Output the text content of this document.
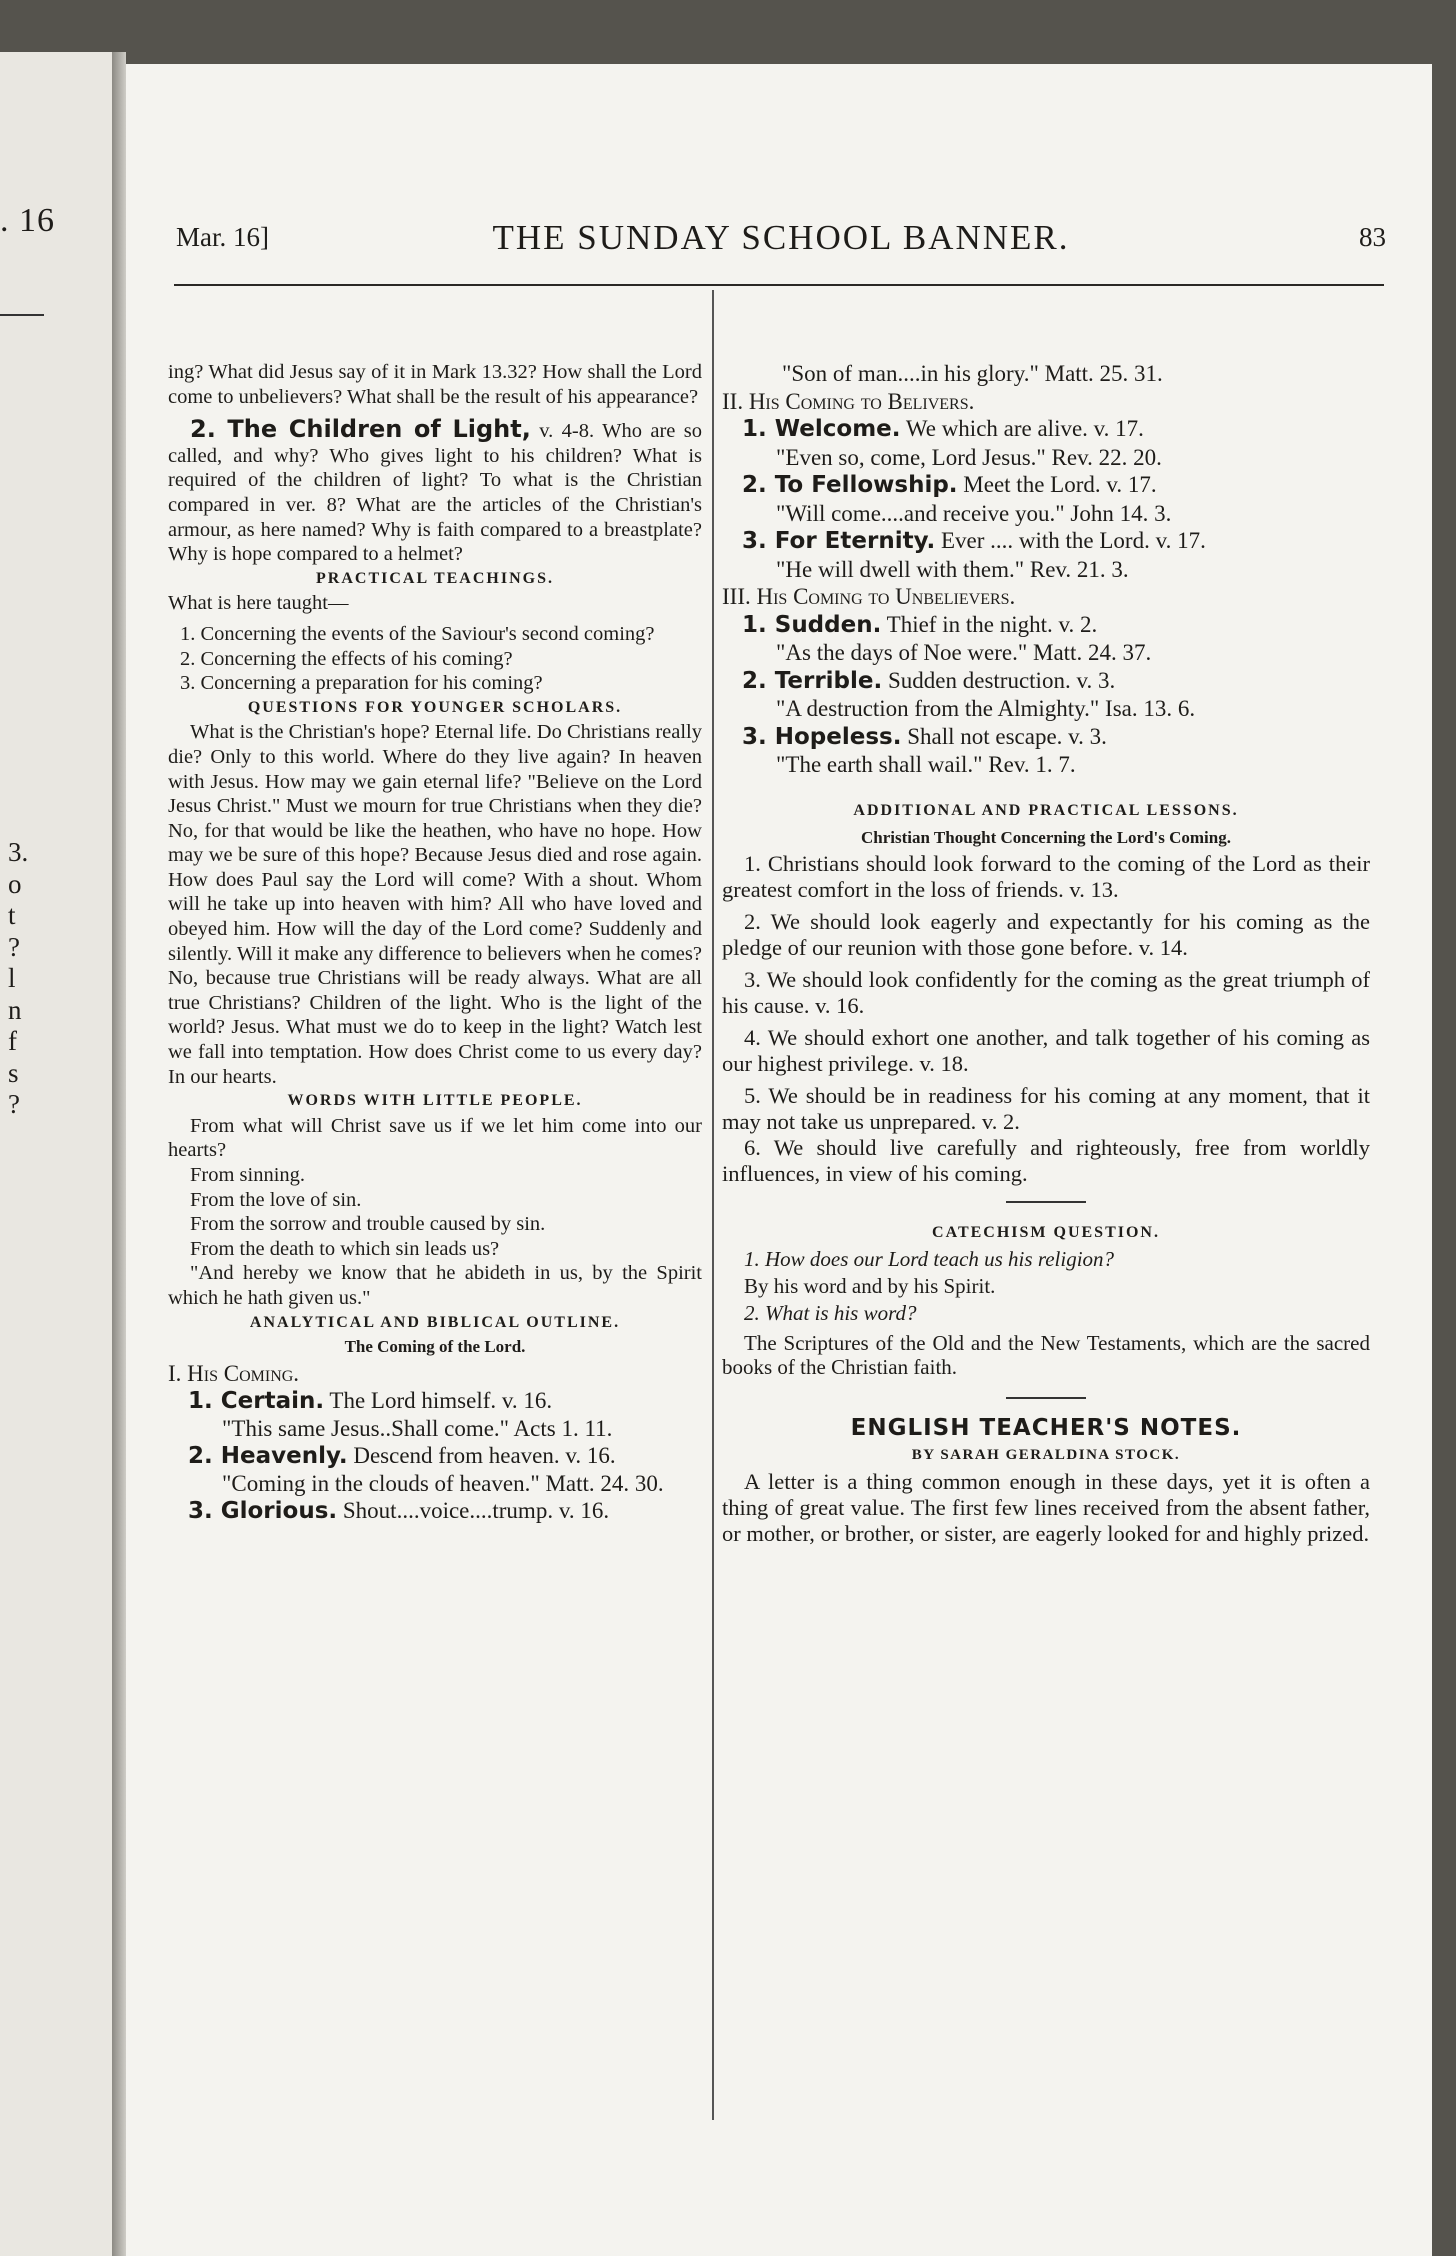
. 16
3.
o
t
?
l
n
f
s
?
Mar. 16]	THE SUNDAY SCHOOL BANNER.	83

ing? What did Jesus say of it in Mark 13.32? How shall the Lord come to unbelievers? What shall be the result of his appearance?

2. The Children of Light, v. 4-8. Who are so called, and why? Who gives light to his children? What is required of the children of light? To what is the Christian compared in ver. 8? What are the articles of the Christian's armour, as here named? Why is faith compared to a breastplate? Why is hope compared to a helmet?

PRACTICAL TEACHINGS.

What is here taught—

1. Concerning the events of the Saviour's second coming?

2. Concerning the effects of his coming?

3. Concerning a preparation for his coming?

QUESTIONS FOR YOUNGER SCHOLARS.

What is the Christian's hope? Eternal life. Do Christians really die? Only to this world. Where do they live again? In heaven with Jesus. How may we gain eternal life? "Believe on the Lord Jesus Christ." Must we mourn for true Christians when they die? No, for that would be like the heathen, who have no hope. How may we be sure of this hope? Because Jesus died and rose again. How does Paul say the Lord will come? With a shout. Whom will he take up into heaven with him? All who have loved and obeyed him. How will the day of the Lord come? Suddenly and silently. Will it make any difference to believers when he comes? No, because true Christians will be ready always. What are all true Christians? Children of the light. Who is the light of the world? Jesus. What must we do to keep in the light? Watch lest we fall into temptation. How does Christ come to us every day? In our hearts.

WORDS WITH LITTLE PEOPLE.

From what will Christ save us if we let him come into our hearts?

From sinning.

From the love of sin.

From the sorrow and trouble caused by sin.

From the death to which sin leads us?

"And hereby we know that he abideth in us, by the Spirit which he hath given us."

ANALYTICAL AND BIBLICAL OUTLINE.

The Coming of the Lord.

I. His Coming.

1. Certain. The Lord himself. v. 16.

"This same Jesus..Shall come." Acts 1. 11.

2. Heavenly. Descend from heaven. v. 16.

"Coming in the clouds of heaven." Matt. 24. 30.

3. Glorious. Shout....voice....trump. v. 16.

"Son of man....in his glory." Matt. 25. 31.

II. His Coming to Belivers.

1. Welcome. We which are alive. v. 17.

"Even so, come, Lord Jesus." Rev. 22. 20.

2. To Fellowship. Meet the Lord. v. 17.

"Will come....and receive you." John 14. 3.

3. For Eternity. Ever .... with the Lord. v. 17.

"He will dwell with them." Rev. 21. 3.

III. His Coming to Unbelievers.

1. Sudden. Thief in the night. v. 2.

"As the days of Noe were." Matt. 24. 37.

2. Terrible. Sudden destruction. v. 3.

"A destruction from the Almighty." Isa. 13. 6.

3. Hopeless. Shall not escape. v. 3.

"The earth shall wail." Rev. 1. 7.

ADDITIONAL AND PRACTICAL LESSONS.

Christian Thought Concerning the Lord's Coming.

1. Christians should look forward to the coming of the Lord as their greatest comfort in the loss of friends. v. 13.

2. We should look eagerly and expectantly for his coming as the pledge of our reunion with those gone before. v. 14.

3. We should look confidently for the coming as the great triumph of his cause. v. 16.

4. We should exhort one another, and talk together of his coming as our highest privilege. v. 18.

5. We should be in readiness for his coming at any moment, that it may not take us unprepared. v. 2.

6. We should live carefully and righteously, free from worldly influences, in view of his coming.

CATECHISM QUESTION.

1. How does our Lord teach us his religion?

By his word and by his Spirit.

2. What is his word?

The Scriptures of the Old and the New Testaments, which are the sacred books of the Christian faith.

ENGLISH TEACHER'S NOTES.

BY SARAH GERALDINA STOCK.

A letter is a thing common enough in these days, yet it is often a thing of great value. The first few lines received from the absent father, or mother, or brother, or sister, are eagerly looked for and highly prized.
